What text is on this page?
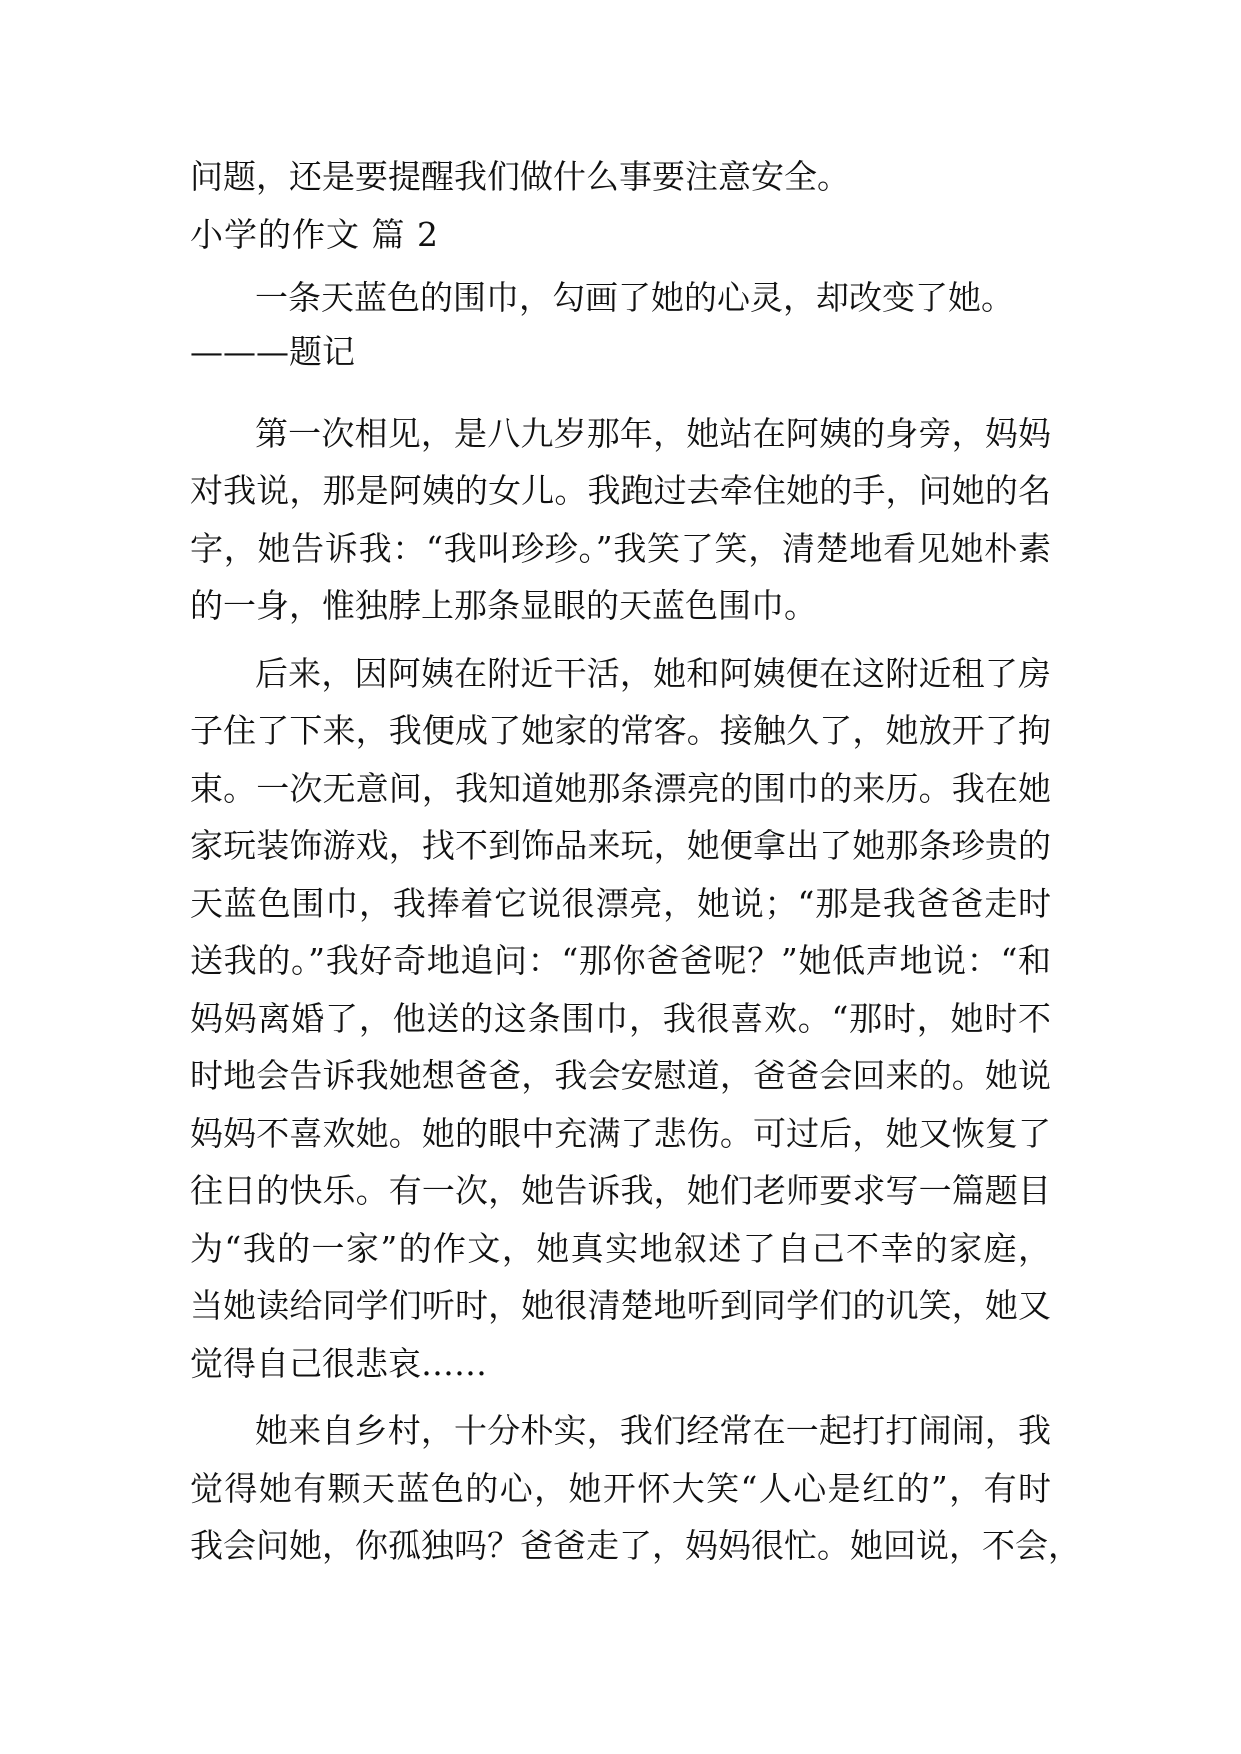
问题，还是要提醒我们做什么事要注意安全。
小学的作文 篇 2
一条天蓝色的围巾，勾画了她的心灵，却改变了她。
———题记
第一次相见，是八九岁那年，她站在阿姨的身旁，妈妈
对我说，那是阿姨的女儿。我跑过去牵住她的手，问她的名
字，她告诉我：“我叫珍珍。”我笑了笑，清楚地看见她朴素
的一身，惟独脖上那条显眼的天蓝色围巾。
后来，因阿姨在附近干活，她和阿姨便在这附近租了房
子住了下来，我便成了她家的常客。接触久了，她放开了拘
束。一次无意间，我知道她那条漂亮的围巾的来历。我在她
家玩装饰游戏，找不到饰品来玩，她便拿出了她那条珍贵的
天蓝色围巾，我捧着它说很漂亮，她说；“那是我爸爸走时
送我的。”我好奇地追问：“那你爸爸呢？”她低声地说：“和
妈妈离婚了，他送的这条围巾，我很喜欢。“那时，她时不
时地会告诉我她想爸爸，我会安慰道，爸爸会回来的。她说
妈妈不喜欢她。她的眼中充满了悲伤。可过后，她又恢复了
往日的快乐。有一次，她告诉我，她们老师要求写一篇题目
为“我的一家”的作文，她真实地叙述了自己不幸的家庭，
当她读给同学们听时，她很清楚地听到同学们的讥笑，她又
觉得自己很悲哀……
她来自乡村，十分朴实，我们经常在一起打打闹闹，我
觉得她有颗天蓝色的心，她开怀大笑“人心是红的”，有时
我会问她，你孤独吗？爸爸走了，妈妈很忙。她回说，不会，
